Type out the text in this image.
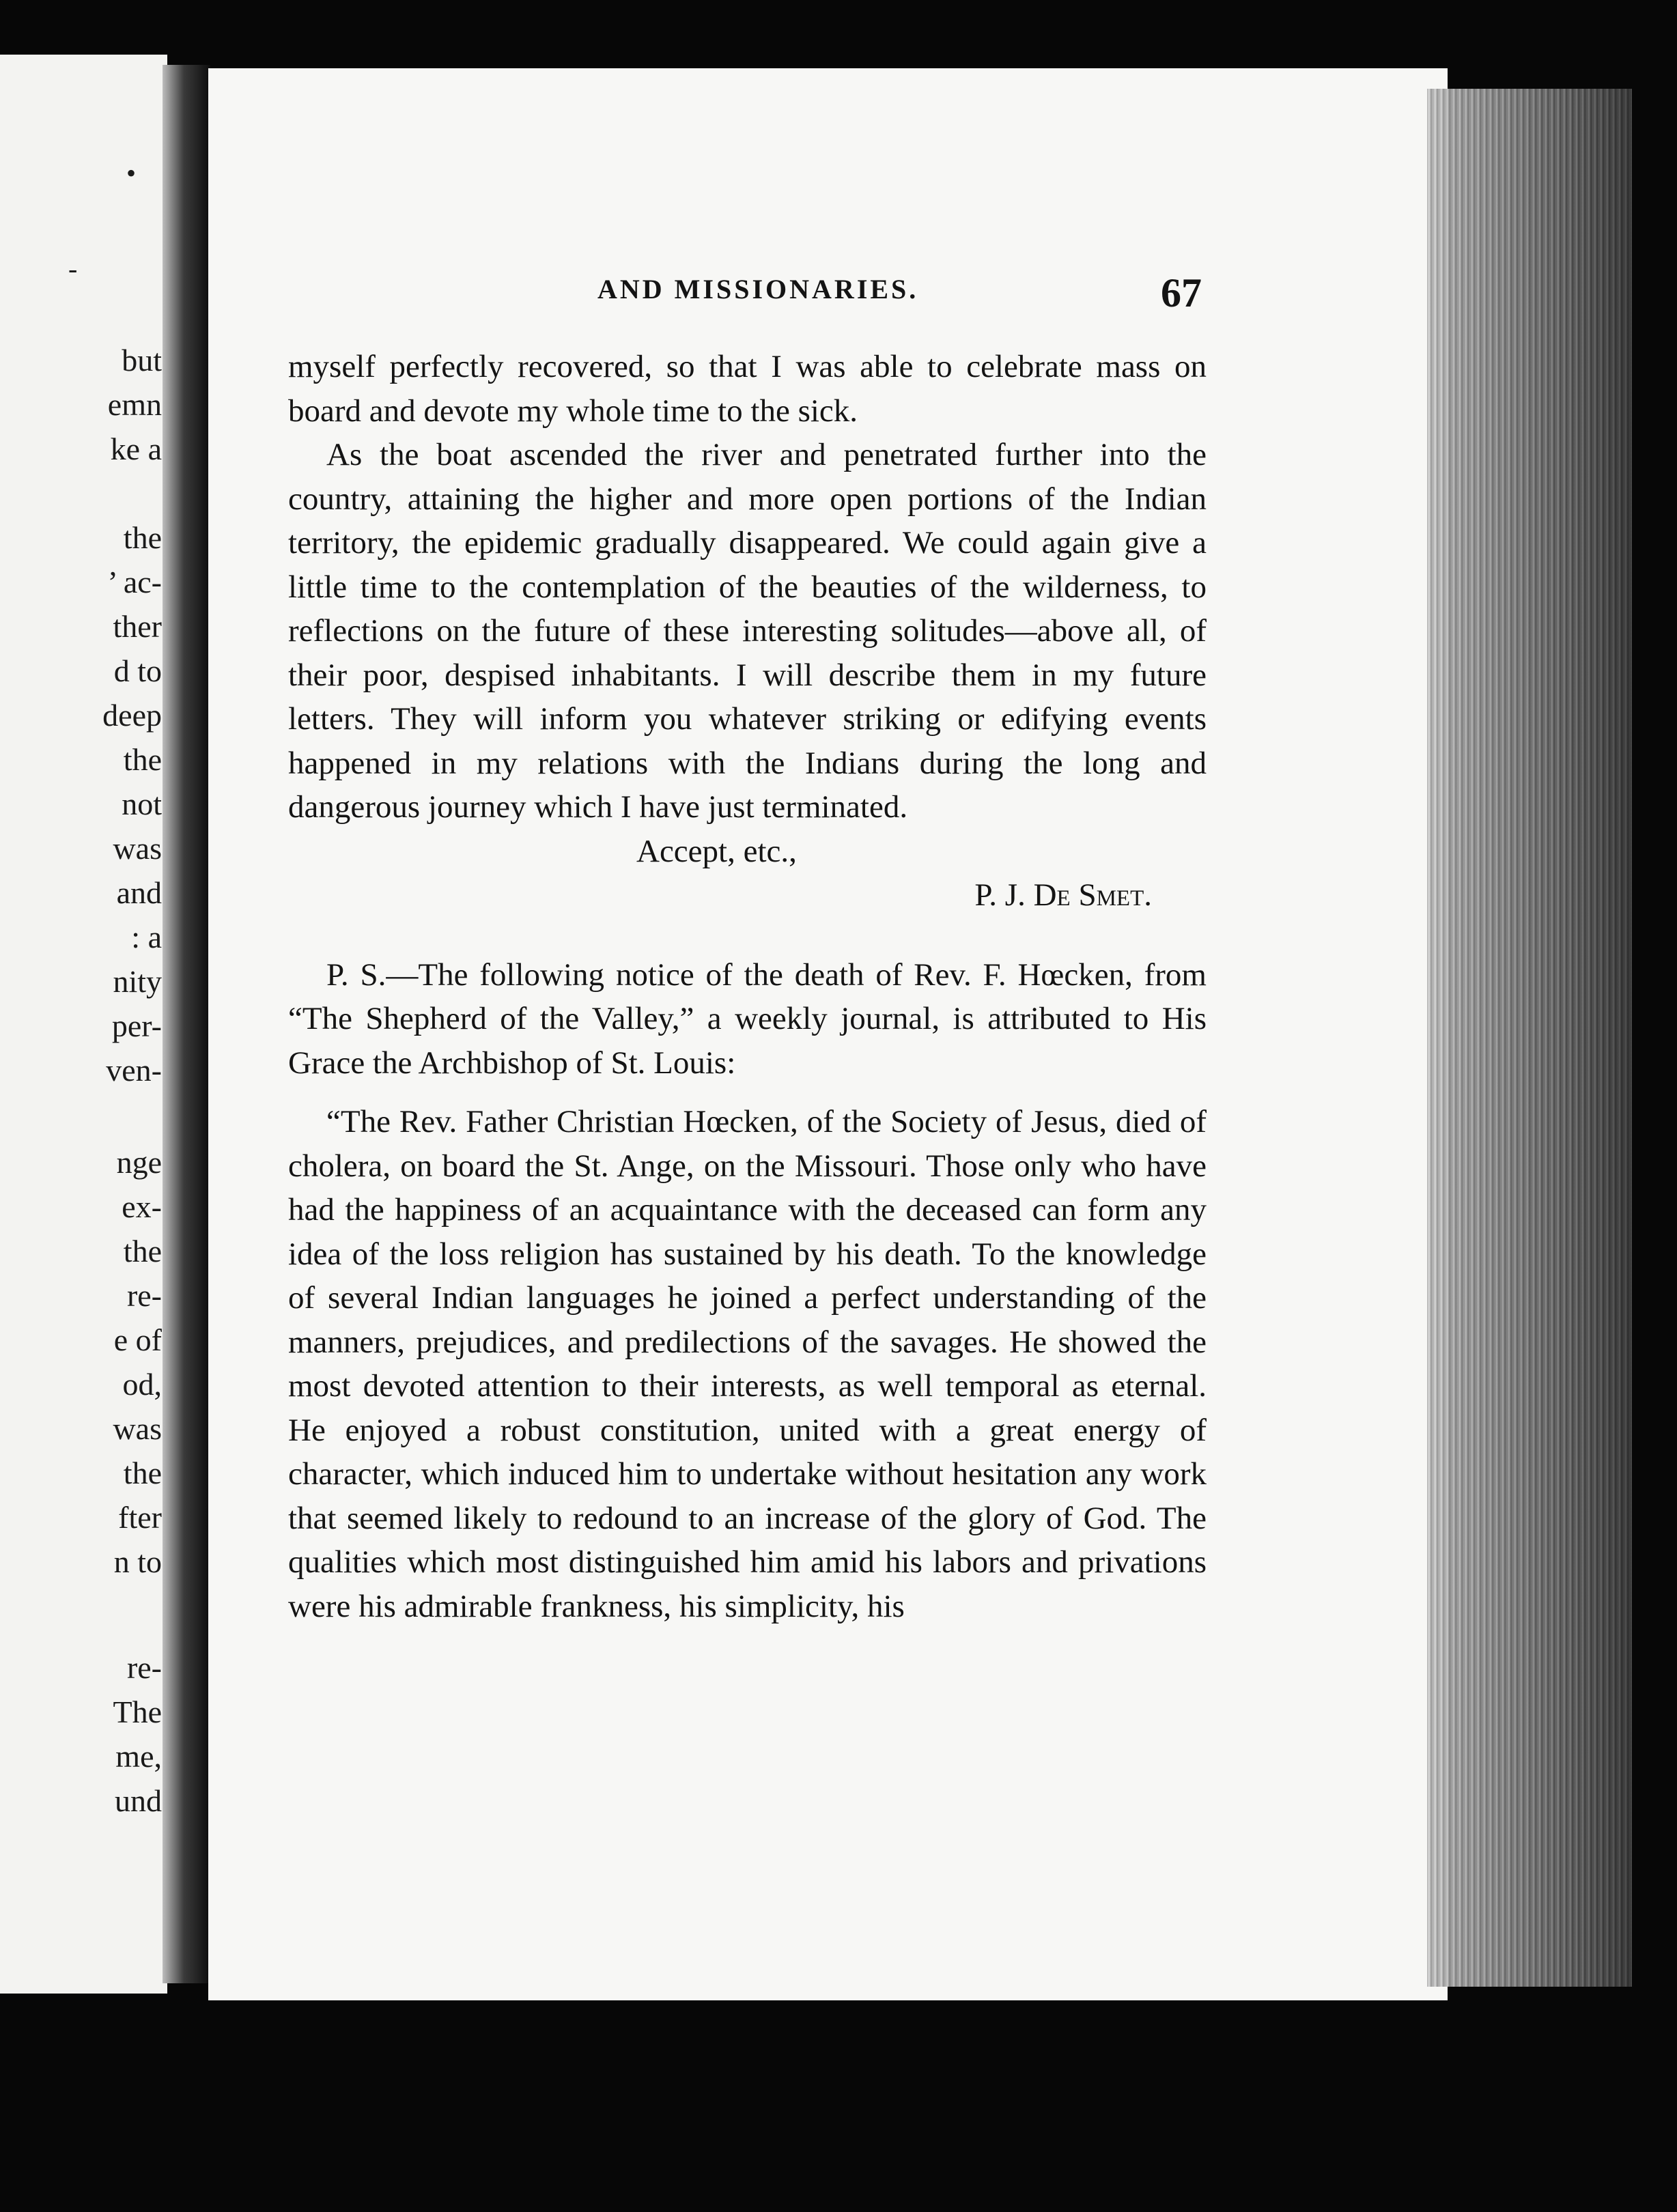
•
-
but
emn
ke a
the
’ ac-
ther
d to
deep
the
not
was
and
: a
nity
per-
ven-
nge
ex-
the
re-
e of
od,
was
the
fter
n to
re-
The
me,
und
AND MISSIONARIES.	67

myself perfectly recovered, so that I was able to celebrate mass on board and devote my whole time to the sick.

As the boat ascended the river and penetrated further into the country, attaining the higher and more open portions of the Indian territory, the epidemic gradually disappeared. We could again give a little time to the contemplation of the beauties of the wilderness, to reflections on the future of these interesting solitudes—above all, of their poor, despised inhabitants. I will describe them in my future letters. They will inform you whatever striking or edifying events happened in my relations with the Indians during the long and dangerous journey which I have just terminated.

Accept, etc.,

P. J. De Smet.

P. S.—The following notice of the death of Rev. F. Hœcken, from “The Shepherd of the Valley,” a weekly journal, is attributed to His Grace the Archbishop of St. Louis:

“The Rev. Father Christian Hœcken, of the Society of Jesus, died of cholera, on board the St. Ange, on the Missouri. Those only who have had the happiness of an acquaintance with the deceased can form any idea of the loss religion has sustained by his death. To the knowledge of several Indian languages he joined a perfect understanding of the manners, prejudices, and predilections of the savages. He showed the most devoted attention to their interests, as well temporal as eternal. He enjoyed a robust constitution, united with a great energy of character, which induced him to undertake without hesitation any work that seemed likely to redound to an increase of the glory of God. The qualities which most distinguished him amid his labors and privations were his admirable frankness, his simplicity, his
